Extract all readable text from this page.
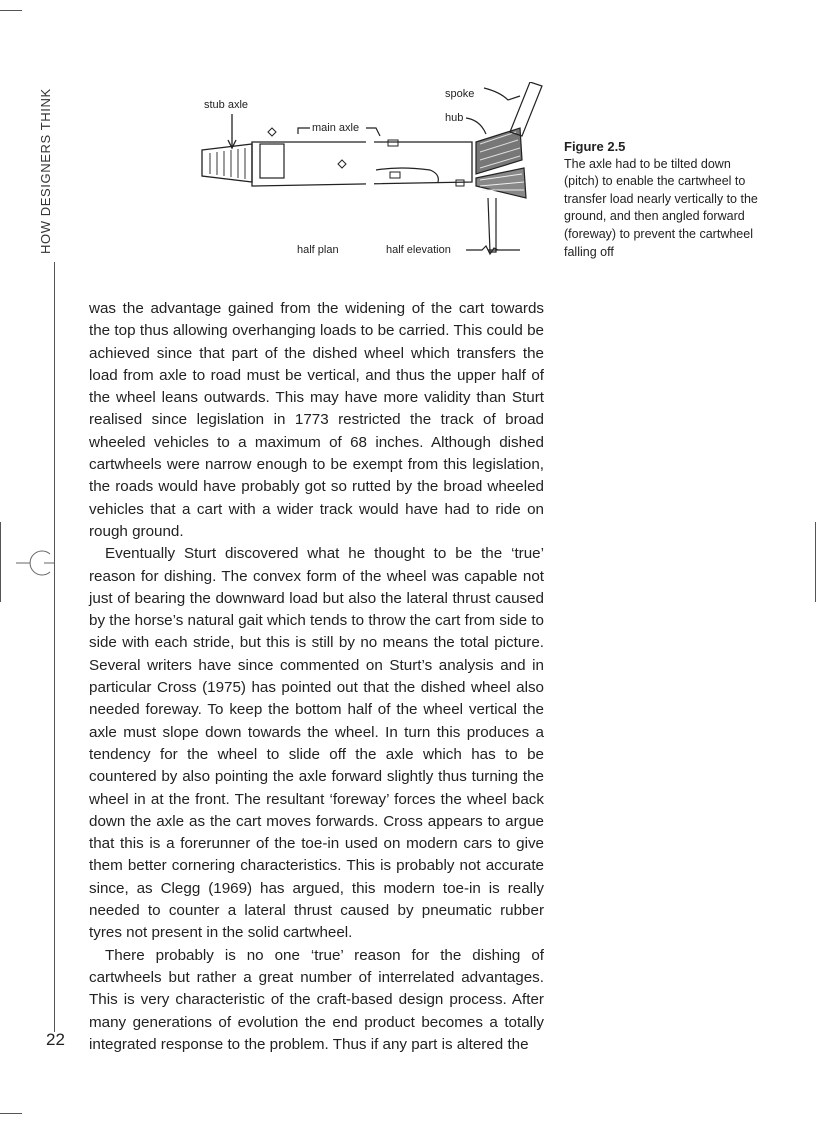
HOW DESIGNERS THINK
22
stub axle
main axle
spoke
hub
half plan	half elevation
Figure 2.5
The axle had to be tilted down (pitch) to enable the cartwheel to transfer load nearly vertically to the ground, and then angled forward (foreway) to prevent the cartwheel falling off

was the advantage gained from the widening of the cart towards the top thus allowing overhanging loads to be carried. This could be achieved since that part of the dished wheel which transfers the load from axle to road must be vertical, and thus the upper half of the wheel leans outwards. This may have more validity than Sturt realised since legislation in 1773 restricted the track of broad wheeled vehicles to a maximum of 68 inches. Although dished cartwheels were narrow enough to be exempt from this legislation, the roads would have probably got so rutted by the broad wheeled vehicles that a cart with a wider track would have had to ride on rough ground.

Eventually Sturt discovered what he thought to be the ‘true’ reason for dishing. The convex form of the wheel was capable not just of bearing the downward load but also the lateral thrust caused by the horse’s natural gait which tends to throw the cart from side to side with each stride, but this is still by no means the total picture. Several writers have since commented on Sturt’s analysis and in particular Cross (1975) has pointed out that the dished wheel also needed foreway. To keep the bottom half of the wheel vertical the axle must slope down towards the wheel. In turn this produces a tendency for the wheel to slide off the axle which has to be countered by also pointing the axle forward slightly thus turning the wheel in at the front. The resultant ‘foreway’ forces the wheel back down the axle as the cart moves forwards. Cross appears to argue that this is a forerunner of the toe-in used on modern cars to give them better cornering characteristics. This is probably not accurate since, as Clegg (1969) has argued, this modern toe-in is really needed to counter a lateral thrust caused by pneumatic rubber tyres not present in the solid cartwheel.

There probably is no one ‘true’ reason for the dishing of cartwheels but rather a great number of interrelated advantages. This is very characteristic of the craft-based design process. After many generations of evolution the end product becomes a totally integrated response to the problem. Thus if any part is altered the
